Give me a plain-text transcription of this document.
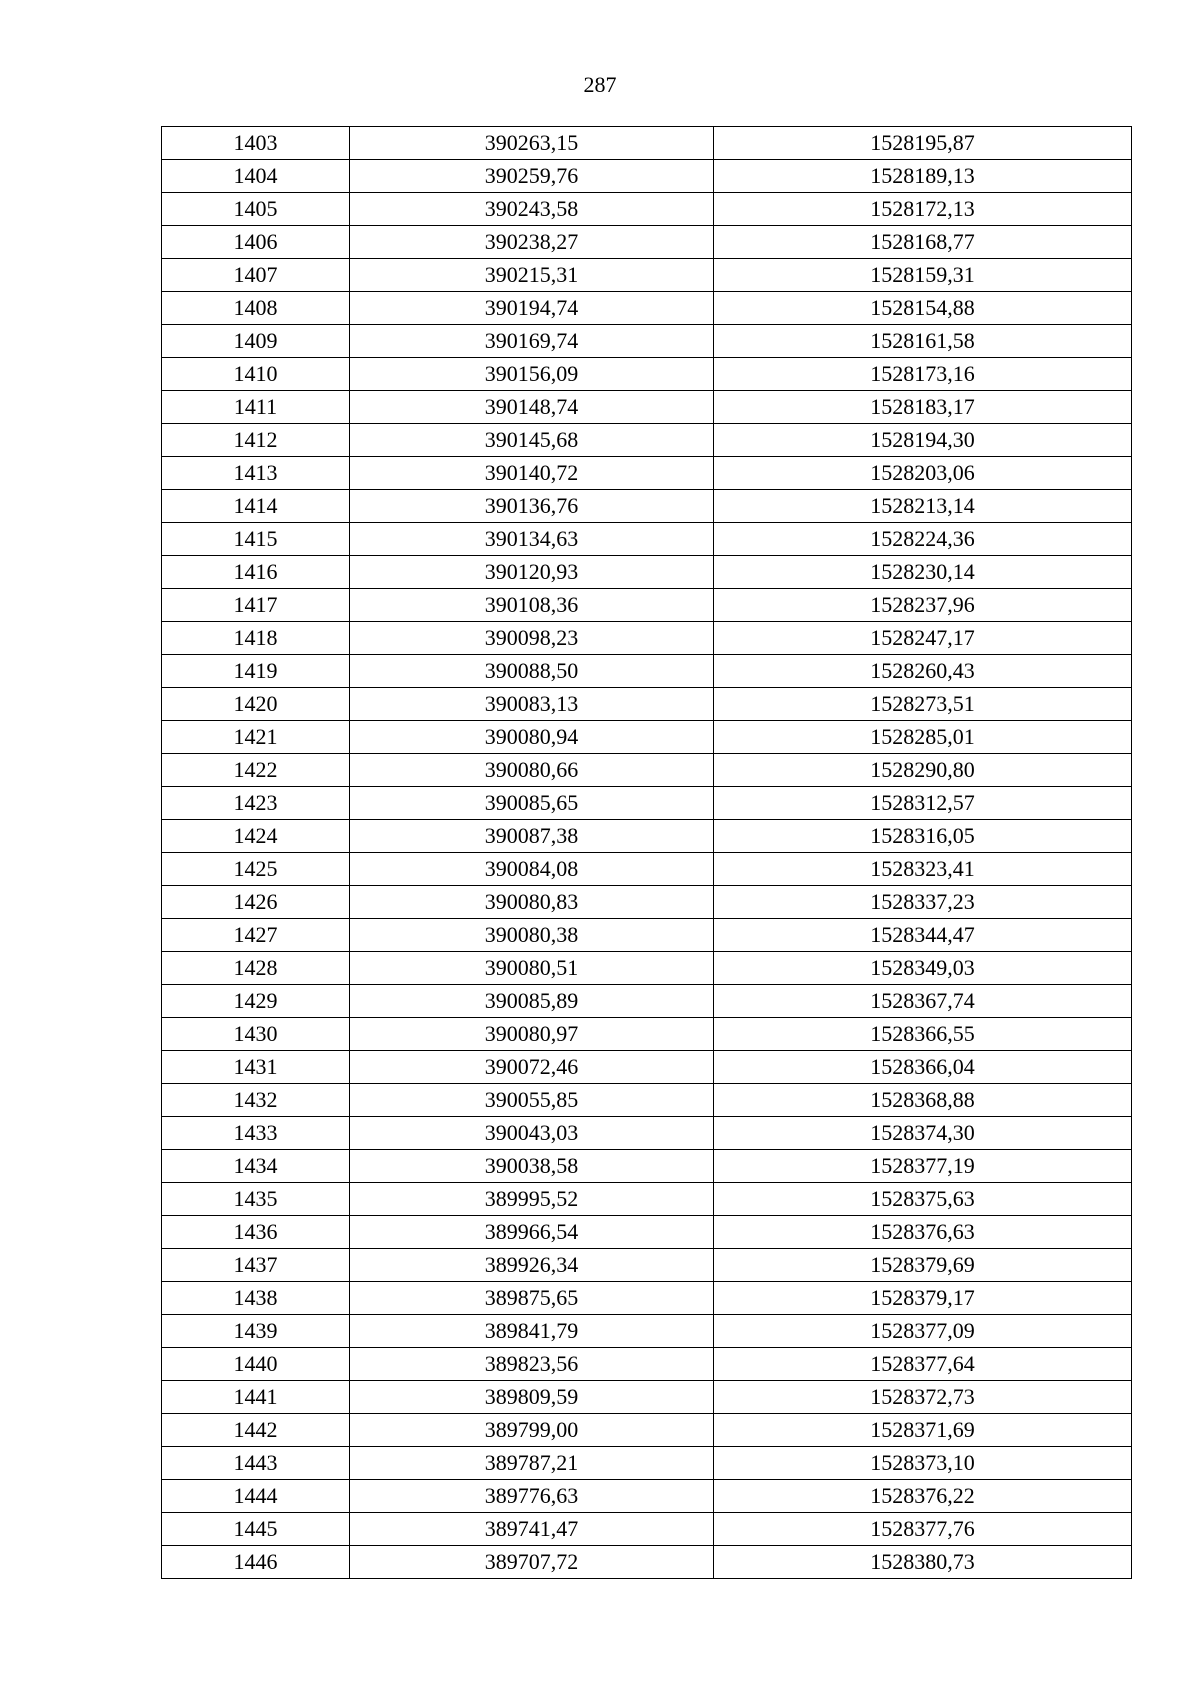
287
1403	390263,15	1528195,87
1404	390259,76	1528189,13
1405	390243,58	1528172,13
1406	390238,27	1528168,77
1407	390215,31	1528159,31
1408	390194,74	1528154,88
1409	390169,74	1528161,58
1410	390156,09	1528173,16
1411	390148,74	1528183,17
1412	390145,68	1528194,30
1413	390140,72	1528203,06
1414	390136,76	1528213,14
1415	390134,63	1528224,36
1416	390120,93	1528230,14
1417	390108,36	1528237,96
1418	390098,23	1528247,17
1419	390088,50	1528260,43
1420	390083,13	1528273,51
1421	390080,94	1528285,01
1422	390080,66	1528290,80
1423	390085,65	1528312,57
1424	390087,38	1528316,05
1425	390084,08	1528323,41
1426	390080,83	1528337,23
1427	390080,38	1528344,47
1428	390080,51	1528349,03
1429	390085,89	1528367,74
1430	390080,97	1528366,55
1431	390072,46	1528366,04
1432	390055,85	1528368,88
1433	390043,03	1528374,30
1434	390038,58	1528377,19
1435	389995,52	1528375,63
1436	389966,54	1528376,63
1437	389926,34	1528379,69
1438	389875,65	1528379,17
1439	389841,79	1528377,09
1440	389823,56	1528377,64
1441	389809,59	1528372,73
1442	389799,00	1528371,69
1443	389787,21	1528373,10
1444	389776,63	1528376,22
1445	389741,47	1528377,76
1446	389707,72	1528380,73
